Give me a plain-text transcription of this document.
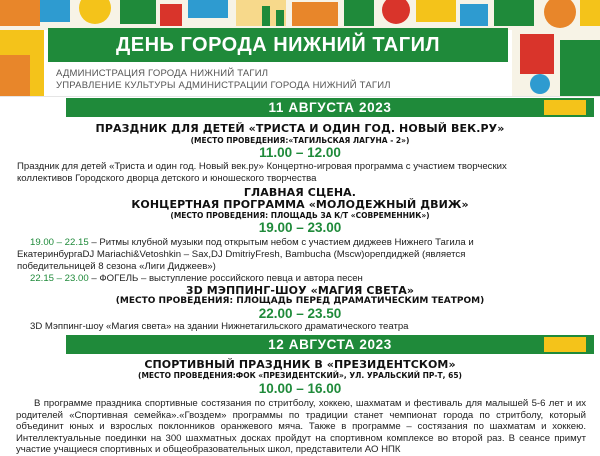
ДЕНЬ ГОРОДА НИЖНИЙ ТАГИЛ
АДМИНИСТРАЦИЯ ГОРОДА НИЖНИЙ ТАГИЛ
УПРАВЛЕНИЕ КУЛЬТУРЫ АДМИНИСТРАЦИИ ГОРОДА НИЖНИЙ ТАГИЛ
11 АВГУСТА 2023
ПРАЗДНИК ДЛЯ ДЕТЕЙ «ТРИСТА И ОДИН ГОД. НОВЫЙ ВЕК.РУ»
(МЕСТО ПРОВЕДЕНИЯ:«ТАГИЛЬСКАЯ ЛАГУНА - 2»)
11.00 – 12.00
Праздник для детей «Триста и один год. Новый век.ру» Концертно-игровая программа с участием творческих
коллективов Городского дворца детского и юношеского творчества
ГЛАВНАЯ СЦЕНА.
КОНЦЕРТНАЯ ПРОГРАММА «МОЛОДЕЖНЫЙ ДВИЖ»
(МЕСТО ПРОВЕДЕНИЯ: ПЛОЩАДЬ ЗА К/Т «СОВРЕМЕННИК»)
19.00 – 23.00
19.00 – 22.15 – Ритмы клубной музыки под открытым небом с участием диджеев Нижнего Тагила и
ЕкатеринбургаDJ Mariachi&Vetoshkin – Sax,DJ DmitriyFresh, Bambucha (Mscw)орепдиджей (является
победительницей 8 сезона «Лиги Диджеев»)
22.15 – 23.00 – ФОГЕЛЬ – выступление российского певца и автора песен
3D МЭППИНГ-ШОУ «МАГИЯ СВЕТА»
(МЕСТО ПРОВЕДЕНИЯ: ПЛОЩАДЬ ПЕРЕД ДРАМАТИЧЕСКИМ ТЕАТРОМ)
22.00 – 23.50
3D Мэппинг-шоу «Магия света» на здании Нижнетагильского драматического театра
12 АВГУСТА 2023
СПОРТИВНЫЙ ПРАЗДНИК В «ПРЕЗИДЕНТСКОМ»
(МЕСТО ПРОВЕДЕНИЯ:ФОК «ПРЕЗИДЕНТСКИЙ», УЛ. УРАЛЬСКИЙ ПР-Т, 65)
10.00 – 16.00
В программе праздника спортивные состязания по стритболу, хоккею, шахматам и фестиваль для малышей 5-6 лет и их родителей «Спортивная семейка».«Гвоздем» программы по традиции станет чемпионат города по стритболу, который объединит юных и взрослых поклонников оранжевого мяча. Также в программе – состязания по шахматам и хоккею. Интеллектуальные поединки на 300 шахматных досках пройдут на спортивном комплексе во второй раз. В сеансе примут участие учащиеся спортивных и общеобразовательных школ, представители АО НПК
